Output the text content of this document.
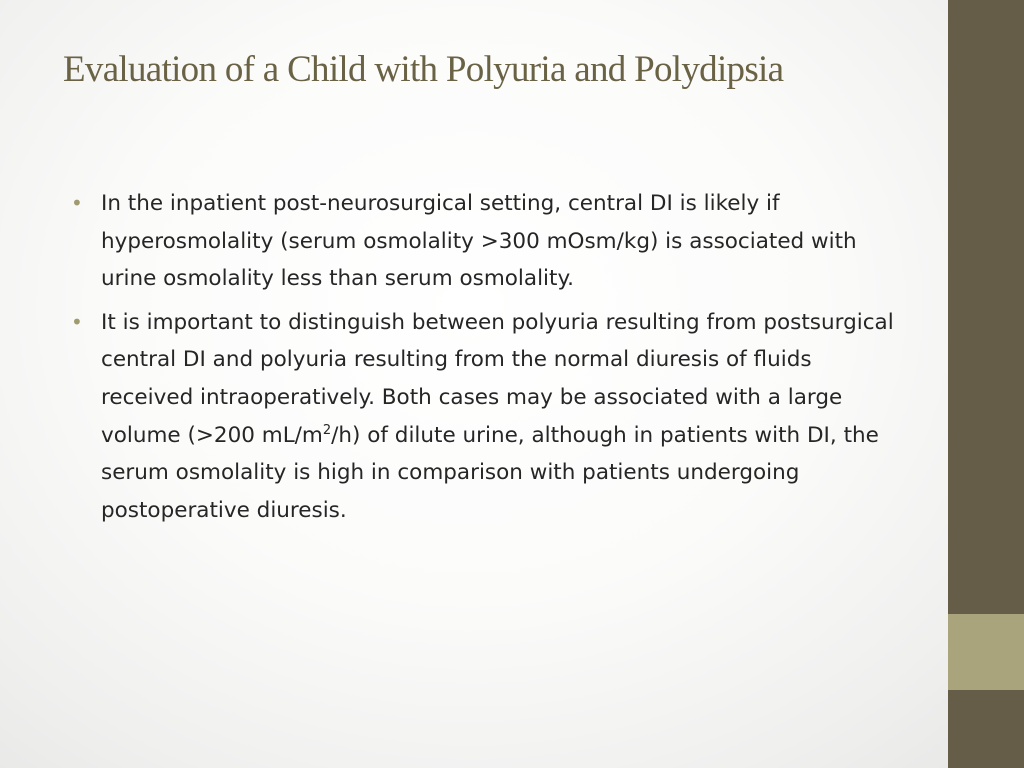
Evaluation of a Child with Polyuria and Polydipsia
• In the inpatient post-neurosurgical setting, central DI is likely if hyperosmolality (serum osmolality >300 mOsm/kg) is associated with urine osmolality less than serum osmolality.
• It is important to distinguish between polyuria resulting from postsurgical central DI and polyuria resulting from the normal diuresis of fluids received intraoperatively. Both cases may be associated with a large volume (>200 $mL/m^2/h$) of dilute urine, although in patients with DI, the serum osmolality is high in comparison with patients undergoing postoperative diuresis.
